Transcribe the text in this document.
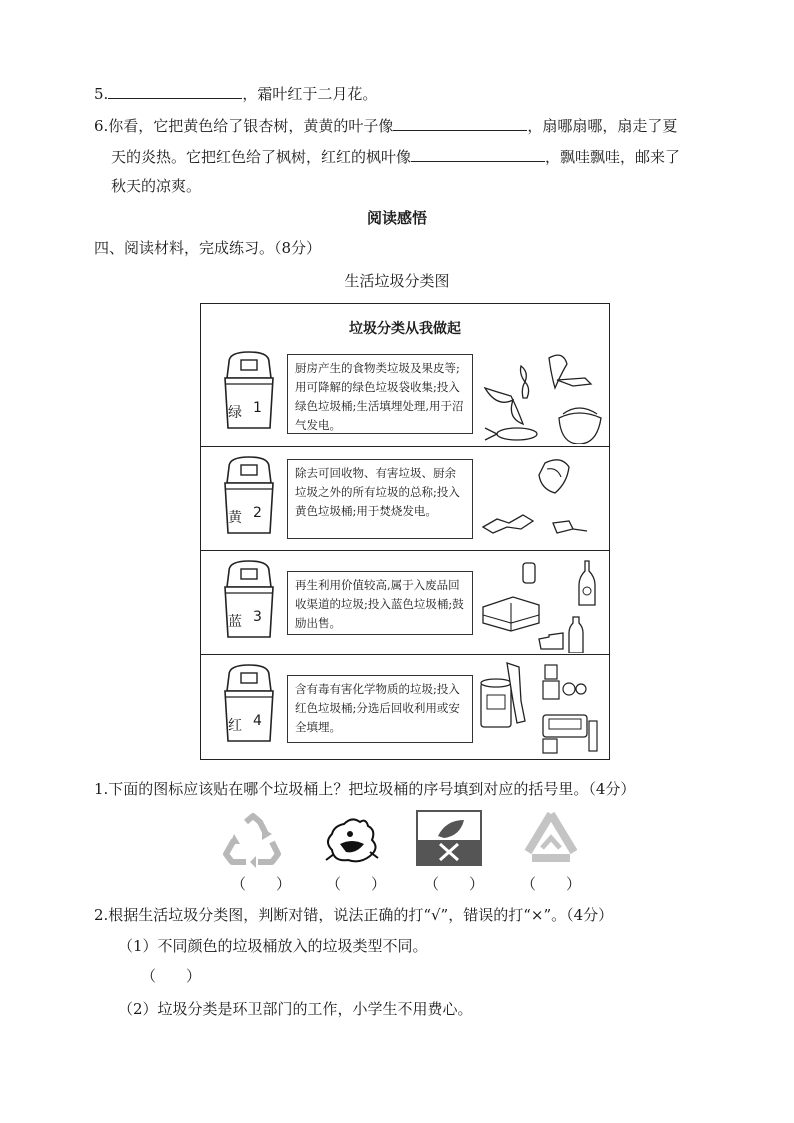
5.	，霜叶红于二月花。
6.你看，它把黄色给了银杏树，黄黄的叶子像	，扇哪扇哪，扇走了夏
天的炎热。它把红色给了枫树，红红的枫叶像	，飘哇飘哇，邮来了
秋天的凉爽。
阅读感悟
四、阅读材料，完成练习。（8分）
生活垃圾分类图
垃圾分类从我做起
绿 1
厨房产生的食物类垃圾及果皮等;用可降解的绿色垃圾袋收集;投入绿色垃圾桶;生活填埋处理,用于沼气发电。
黄 2
除去可回收物、有害垃圾、厨余垃圾之外的所有垃圾的总称;投入黄色垃圾桶;用于焚烧发电。
蓝 3
再生利用价值较高,属于入废品回收渠道的垃圾;投入蓝色垃圾桶;鼓励出售。
红 4
含有毒有害化学物质的垃圾;投入红色垃圾桶;分选后回收利用或安全填埋。
1.下面的图标应该贴在哪个垃圾桶上？把垃圾桶的序号填到对应的括号里。（4分）
（　　） （　　）	（　　） （　　）
2.根据生活垃圾分类图，判断对错，说法正确的打“√”，错误的打“×”。（4分）
（1）不同颜色的垃圾桶放入的垃圾类型不同。
（　　）
（2）垃圾分类是环卫部门的工作，小学生不用费心。
